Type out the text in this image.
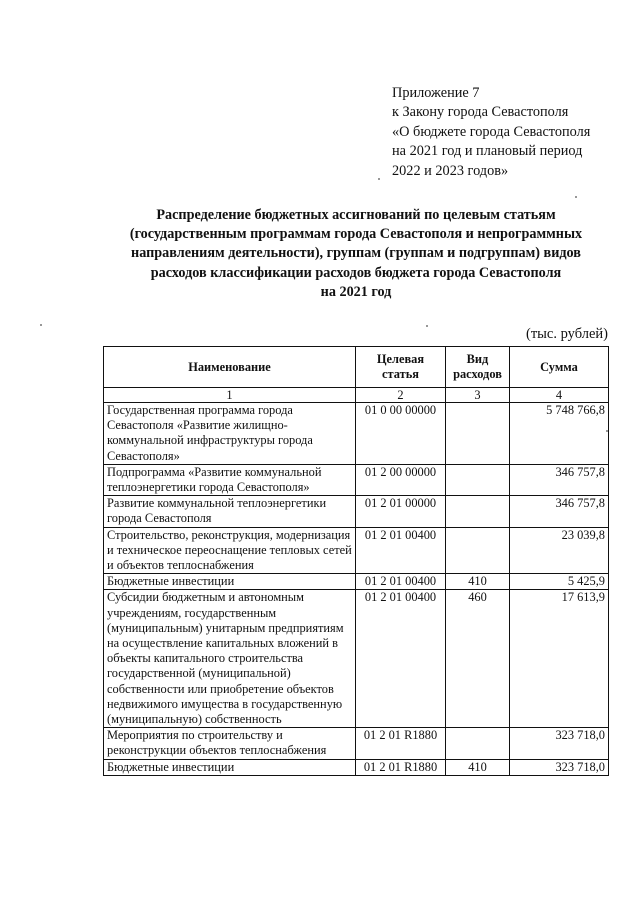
Приложение 7
к Закону города Севастополя
«О бюджете города Севастополя
на 2021 год и плановый период
2022 и 2023 годов»
Распределение бюджетных ассигнований по целевым статьям
(государственным программам города Севастополя и непрограммных
направлениям деятельности), группам (группам и подгруппам) видов
расходов классификации расходов бюджета города Севастополя
на 2021 год
(тыс. рублей)
Наименование	Целевая статья	Вид расходов	Сумма
1	2	3	4
Государственная программа города Севастополя «Развитие жилищно-коммунальной инфраструктуры города Севастополя»	01 0 00 00000		5 748 766,8
Подпрограмма «Развитие коммунальной теплоэнергетики города Севастополя»	01 2 00 00000		346 757,8
Развитие коммунальной теплоэнергетики города Севастополя	01 2 01 00000		346 757,8
Строительство, реконструкция, модернизация и техническое переоснащение тепловых сетей и объектов теплоснабжения	01 2 01 00400		23 039,8
Бюджетные инвестиции	01 2 01 00400	410	5 425,9
Субсидии бюджетным и автономным учреждениям, государственным (муниципальным) унитарным предприятиям на осуществление капитальных вложений в объекты капитального строительства государственной (муниципальной) собственности или приобретение объектов недвижимого имущества в государственную (муниципальную) собственность	01 2 01 00400	460	17 613,9
Мероприятия по строительству и реконструкции объектов теплоснабжения	01 2 01 R1880		323 718,0
Бюджетные инвестиции	01 2 01 R1880	410	323 718,0
